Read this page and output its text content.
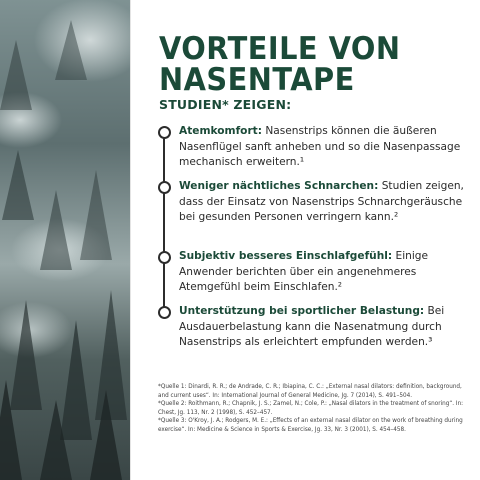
VORTEILE VON
NASENTAPE
STUDIEN* ZEIGEN:
Atemkomfort: Nasenstrips können die äußeren Nasenflügel sanft anheben und so die Nasenpassage mechanisch erweitern.¹
Weniger nächtliches Schnarchen: Studien zeigen, dass der Einsatz von Nasenstrips Schnarchgeräusche bei gesunden Personen verringern kann.²
Subjektiv besseres Einschlafgefühl: Einige Anwender berichten über ein angenehmeres Atemgefühl beim Einschlafen.²
Unterstützung bei sportlicher Belastung: Bei Ausdauerbelastung kann die Nasenatmung durch Nasenstrips als erleichtert empfunden werden.³

*Quelle 1: Dinardi, R. R.; de Andrade, C. R.; Ibiapina, C. C.: „External nasal dilators: definition, background, and current uses“. In: International Journal of General Medicine, Jg. 7 (2014), S. 491–504.

*Quelle 2: Roithmann, R.; Chapnik, J. S.; Zamel, N.; Cole, P.: „Nasal dilators in the treatment of snoring“. In: Chest, Jg. 113, Nr. 2 (1998), S. 452–457.

*Quelle 3: O'Kroy, J. A.; Rodgers, M. E.: „Effects of an external nasal dilator on the work of breathing during exercise“. In: Medicine & Science in Sports & Exercise, Jg. 33, Nr. 3 (2001), S. 454–458.
